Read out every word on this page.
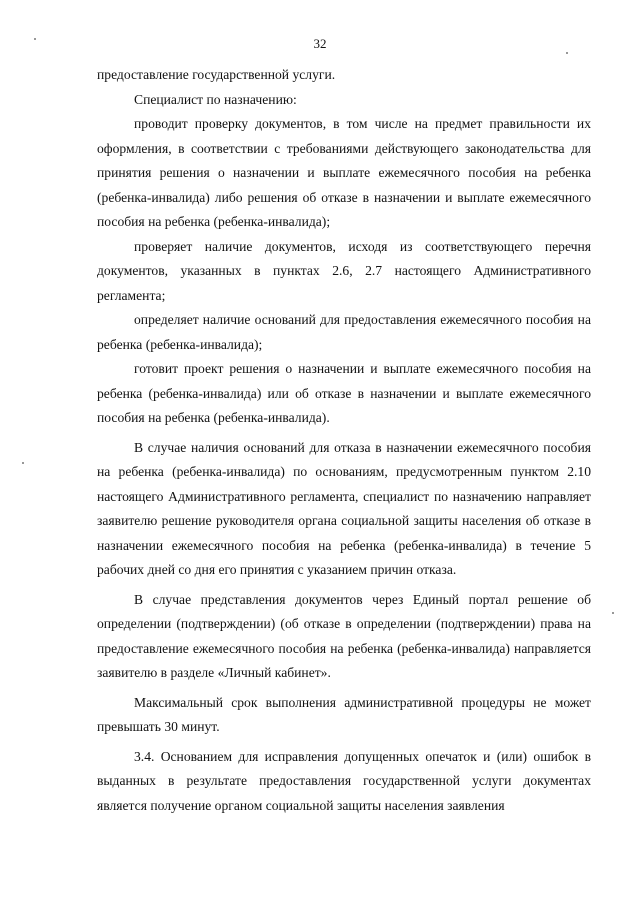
32

предоставление государственной услуги.

Специалист по назначению:

проводит проверку документов, в том числе на предмет правильности их оформления, в соответствии с требованиями действующего законодательства для принятия решения о назначении и выплате ежемесячного пособия на ребенка (ребенка-инвалида) либо решения об отказе в назначении и выплате ежемесячного пособия на ребенка (ребенка-инвалида);

проверяет наличие документов, исходя из соответствующего перечня документов, указанных в пунктах 2.6, 2.7 настоящего Административного регламента;

определяет наличие оснований для предоставления ежемесячного пособия на ребенка (ребенка-инвалида);

готовит проект решения о назначении и выплате ежемесячного пособия на ребенка (ребенка-инвалида) или об отказе в назначении и выплате ежемесячного пособия на ребенка (ребенка-инвалида).

В случае наличия оснований для отказа в назначении ежемесячного пособия на ребенка (ребенка-инвалида) по основаниям, предусмотренным пунктом 2.10 настоящего Административного регламента, специалист по назначению направляет заявителю решение руководителя органа социальной защиты населения об отказе в назначении ежемесячного пособия на ребенка (ребенка-инвалида) в течение 5 рабочих дней со дня его принятия с указанием причин отказа.

В случае представления документов через Единый портал решение об определении (подтверждении) (об отказе в определении (подтверждении) права на предоставление ежемесячного пособия на ребенка (ребенка-инвалида) направляется заявителю в разделе «Личный кабинет».

Максимальный срок выполнения административной процедуры не может превышать 30 минут.

3.4. Основанием для исправления допущенных опечаток и (или) ошибок в выданных в результате предоставления государственной услуги документах является получение органом социальной защиты населения заявления
